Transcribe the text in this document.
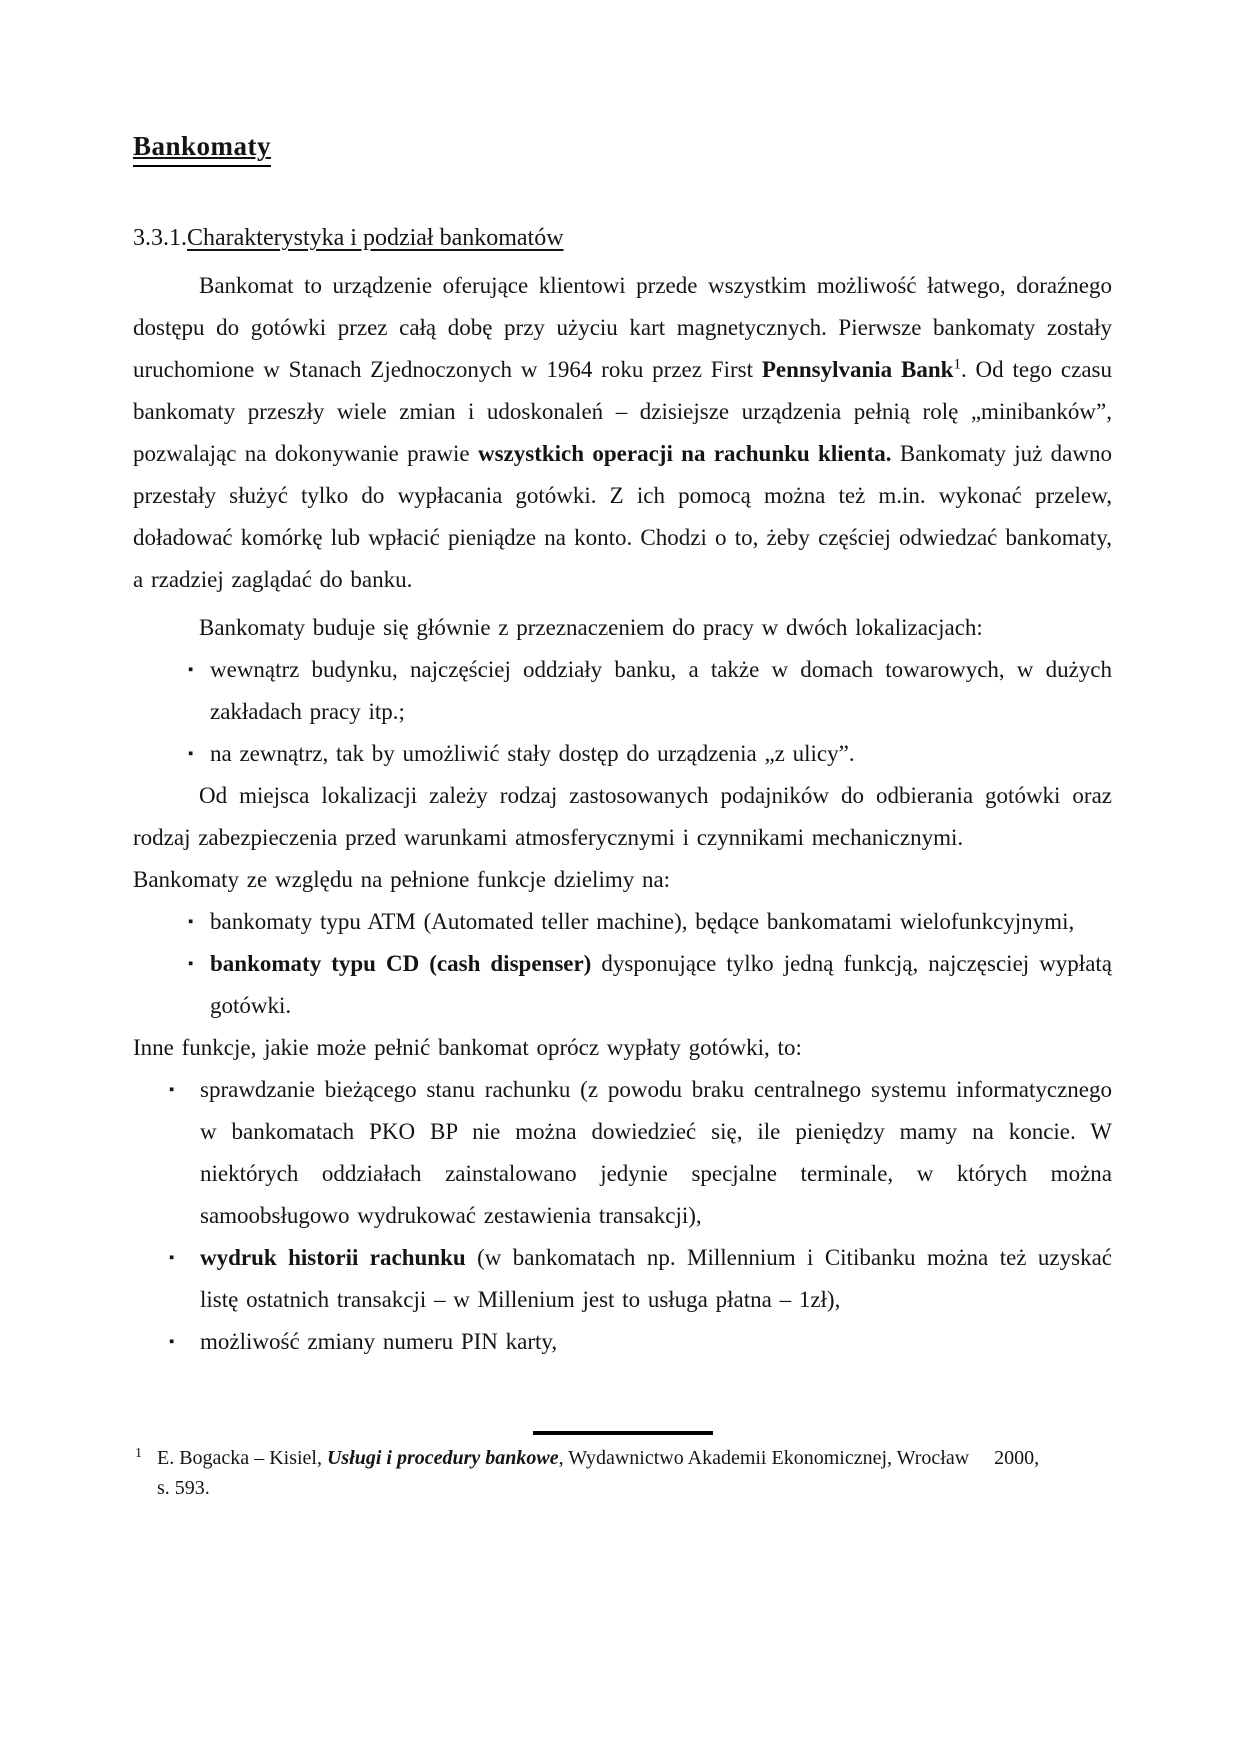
Bankomaty
3.3.1.Charakterystyka i podział bankomatów

Bankomat to urządzenie oferujące klientowi przede wszystkim możliwość łatwego, doraźnego dostępu do gotówki przez całą dobę przy użyciu kart magnetycznych. Pierwsze bankomaty zostały uruchomione w Stanach Zjednoczonych w 1964 roku przez First Pennsylvania Bank$^1$. Od tego czasu bankomaty przeszły wiele zmian i udoskonaleń – dzisiejsze urządzenia pełnią rolę „minibanków”, pozwalając na dokonywanie prawie wszystkich operacji na rachunku klienta. Bankomaty już dawno przestały służyć tylko do wypłacania gotówki. Z ich pomocą można też m.in. wykonać przelew, doładować komórkę lub wpłacić pieniądze na konto. Chodzi o to, żeby częściej odwiedzać bankomaty, a rzadziej zaglądać do banku.

Bankomaty buduje się głównie z przeznaczeniem do pracy w dwóch lokalizacjach:

▪ wewnątrz budynku, najczęściej oddziały banku, a także w domach towarowych, w dużych zakładach pracy itp.;
▪ na zewnątrz, tak by umożliwić stały dostęp do urządzenia „z ulicy”.

Od miejsca lokalizacji zależy rodzaj zastosowanych podajników do odbierania gotówki oraz rodzaj zabezpieczenia przed warunkami atmosferycznymi i czynnikami mechanicznymi.

Bankomaty ze względu na pełnione funkcje dzielimy na:

▪ bankomaty typu ATM (Automated teller machine), będące bankomatami wielofunkcyjnymi,
▪ bankomaty typu CD (cash dispenser) dysponujące tylko jedną funkcją, najczęsciej wypłatą gotówki.

Inne funkcje, jakie może pełnić bankomat oprócz wypłaty gotówki, to:

▪ sprawdzanie bieżącego stanu rachunku (z powodu braku centralnego systemu informatycznego w bankomatach PKO BP nie można dowiedzieć się, ile pieniędzy mamy na koncie. W niektórych oddziałach zainstalowano jedynie specjalne terminale, w których można samoobsługowo wydrukować zestawienia transakcji),
▪ wydruk historii rachunku (w bankomatach np. Millennium i Citibanku można też uzyskać listę ostatnich transakcji – w Millenium jest to usługa płatna – 1zł),
▪ możliwość zmiany numeru PIN karty,
1 E. Bogacka – Kisiel, Usługi i procedury bankowe, Wydawnictwo Akademii Ekonomicznej, Wrocław     2000,
s. 593.
